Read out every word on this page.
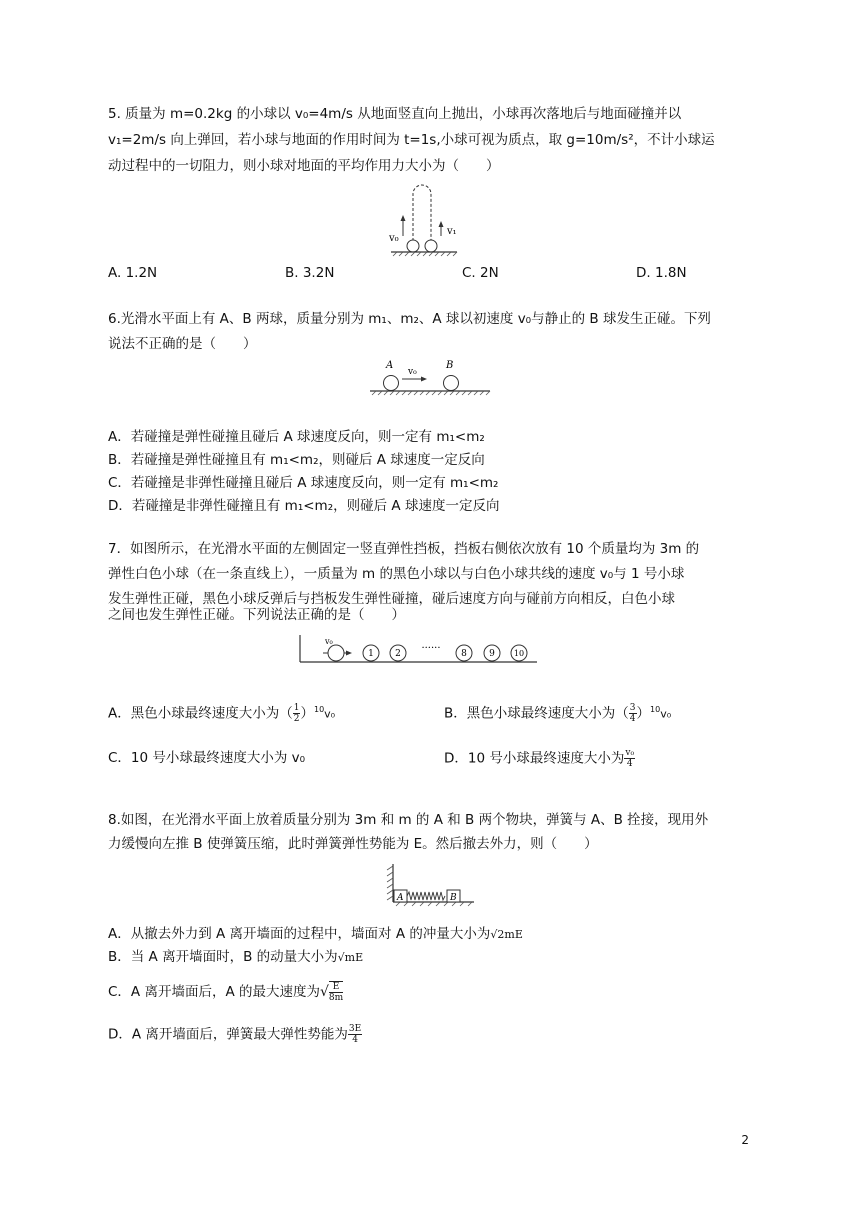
5. 质量为 m=0.2kg 的小球以 v₀=4m/s 从地面竖直向上抛出，小球再次落地后与地面碰撞并以
v₁=2m/s 向上弹回，若小球与地面的作用时间为 t=1s,小球可视为质点，取 g=10m/s²，不计小球运
动过程中的一切阻力，则小球对地面的平均作用力大小为（　　）
v₀
v₁
A. 1.2N	B. 3.2N	C. 2N	D. 1.8N
6.光滑水平面上有 A、B 两球，质量分别为 m₁、m₂、A 球以初速度 v₀与静止的 B 球发生正碰。下列
说法不正确的是（　　）
A	B
v₀
A．若碰撞是弹性碰撞且碰后 A 球速度反向，则一定有 m₁<m₂
B．若碰撞是弹性碰撞且有 m₁<m₂，则碰后 A 球速度一定反向
C．若碰撞是非弹性碰撞且碰后 A 球速度反向，则一定有 m₁<m₂
D．若碰撞是非弹性碰撞且有 m₁<m₂，则碰后 A 球速度一定反向
7．如图所示，在光滑水平面的左侧固定一竖直弹性挡板，挡板右侧依次放有 10 个质量均为 3m 的
弹性白色小球（在一条直线上），一质量为 m 的黑色小球以与白色小球共线的速度 v₀与 1 号小球
发生弹性正碰，黑色小球反弹后与挡板发生弹性碰撞，碰后速度方向与碰前方向相反，白色小球
之间也发生弹性正碰。下列说法正确的是（　　）
v₀
1 2 ······ 8 9 10
A．黑色小球最终速度大小为（ $\frac{1}{2} )^{10}v_0$	B．黑色小球最终速度大小为（ $\frac{3}{4} )^{10}v_0$
C．10 号小球最终速度大小为 v₀	D．10 号小球最终速度大小为 $\frac{\text{v₀}}{4}$
8.如图，在光滑水平面上放着质量分别为 3m 和 m 的 A 和 B 两个物块，弹簧与 A、B 拴接，现用外
力缓慢向左推 B 使弹簧压缩，此时弹簧弹性势能为 E。然后撤去外力，则（　　）
A	B
A．从撤去外力到 A 离开墙面的过程中，墙面对 A 的冲量大小为√2mE
B．当 A 离开墙面时，B 的动量大小为√mE
C．A 离开墙面后，A 的最大速度为√ $\frac{E}{8m}$
D．A 离开墙面后，弹簧最大弹性势能为 $\frac{3E}{4}$
2
